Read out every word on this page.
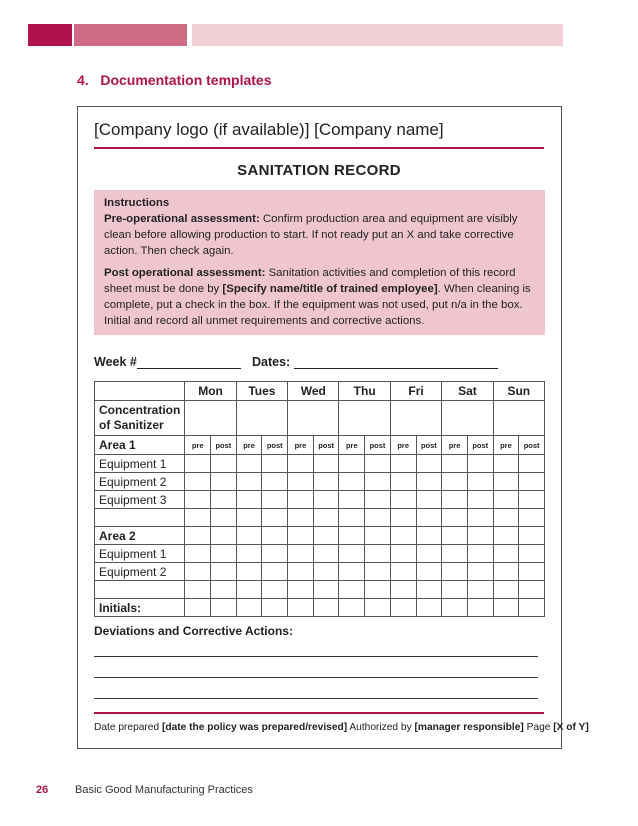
4. Documentation templates
[Company logo (if available)] [Company name]
SANITATION RECORD

Instructions

Pre-operational assessment: Confirm production area and equipment are visibly clean before allowing production to start. If not ready put an X and take corrective action. Then check again.

Post operational assessment: Sanitation activities and completion of this record sheet must be done by [Specify name/title of trained employee]. When cleaning is complete, put a check in the box. If the equipment was not used, put n/a in the box. Initial and record all unmet requirements and corrective actions.

Week #	Dates:
	Mon		Tues		Wed		Thu		Fri		Sat		Sun	
Concentration of Sanitizer														
Area 1	pre	post	pre	post	pre	post	pre	post	pre	post	pre	post	pre	post
Equipment 1														
Equipment 2														
Equipment 3														

Area 2														
Equipment 1														
Equipment 2														

Initials:														
Deviations and Corrective Actions:
Date prepared [date the policy was prepared/revised] Authorized by [manager responsible] Page [X of Y]
26 Basic Good Manufacturing Practices
